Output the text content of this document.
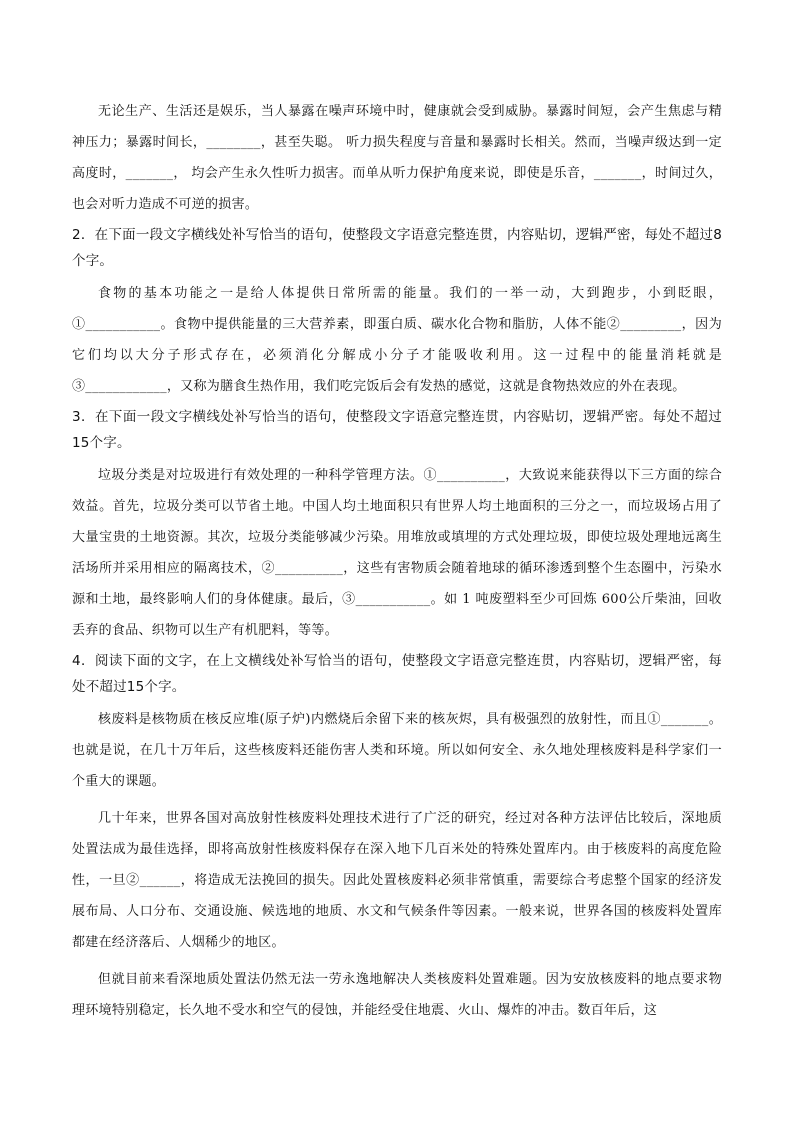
无论生产、生活还是娱乐，当人暴露在噪声环境中时，健康就会受到威胁。暴露时间短，会产生焦虑与精神压力；暴露时间长，________，甚至失聪。 听力损失程度与音量和暴露时长相关。然而，当噪声级达到一定高度时，_______， 均会产生永久性听力损害。而单从听力保护角度来说，即使是乐音，_______，时间过久，也会对听力造成不可逆的损害。

2．在下面一段文字横线处补写恰当的语句，使整段文字语意完整连贯，内容贴切，逻辑严密，每处不超过8个字。

食物的基本功能之一是给人体提供日常所需的能量。我们的一举一动，大到跑步，小到眨眼，①___________。食物中提供能量的三大营养素，即蛋白质、碳水化合物和脂肪，人体不能②_________，因为它们均以大分子形式存在，必须消化分解成小分子才能吸收利用。这一过程中的能量消耗就是 ③____________，又称为膳食生热作用，我们吃完饭后会有发热的感觉，这就是食物热效应的外在表现。

3．在下面一段文字横线处补写恰当的语句，使整段文字语意完整连贯，内容贴切，逻辑严密。每处不超过15个字。

垃圾分类是对垃圾进行有效处理的一种科学管理方法。①__________，大致说来能获得以下三方面的综合效益。首先，垃圾分类可以节省土地。中国人均土地面积只有世界人均土地面积的三分之一，而垃圾场占用了大量宝贵的土地资源。其次，垃圾分类能够减少污染。用堆放或填埋的方式处理垃圾，即使垃圾处理地远离生活场所并采用相应的隔离技术，②__________，这些有害物质会随着地球的循环渗透到整个生态圈中，污染水源和土地，最终影响人们的身体健康。最后，③___________。如 1 吨废塑料至少可回炼 600公斤柴油，回收丢弃的食品、织物可以生产有机肥料，等等。

4．阅读下面的文字，在上文横线处补写恰当的语句，使整段文字语意完整连贯，内容贴切，逻辑严密，每处不超过15个字。

核废料是核物质在核反应堆(原子炉)内燃烧后余留下来的核灰烬，具有极强烈的放射性，而且①_______。也就是说，在几十万年后，这些核废料还能伤害人类和环境。所以如何安全、永久地处理核废料是科学家们一个重大的课题。

几十年来，世界各国对高放射性核废料处理技术进行了广泛的研究，经过对各种方法评估比较后，深地质处置法成为最佳选择，即将高放射性核废料保存在深入地下几百米处的特殊处置库内。由于核废料的高度危险性，一旦②______，将造成无法挽回的损失。因此处置核废料必须非常慎重，需要综合考虑整个国家的经济发展布局、人口分布、交通设施、候选地的地质、水文和气候条件等因素。一般来说，世界各国的核废料处置库都建在经济落后、人烟稀少的地区。

但就目前来看深地质处置法仍然无法一劳永逸地解决人类核废料处置难题。因为安放核废料的地点要求物理环境特别稳定，长久地不受水和空气的侵蚀，并能经受住地震、火山、爆炸的冲击。数百年后，这
